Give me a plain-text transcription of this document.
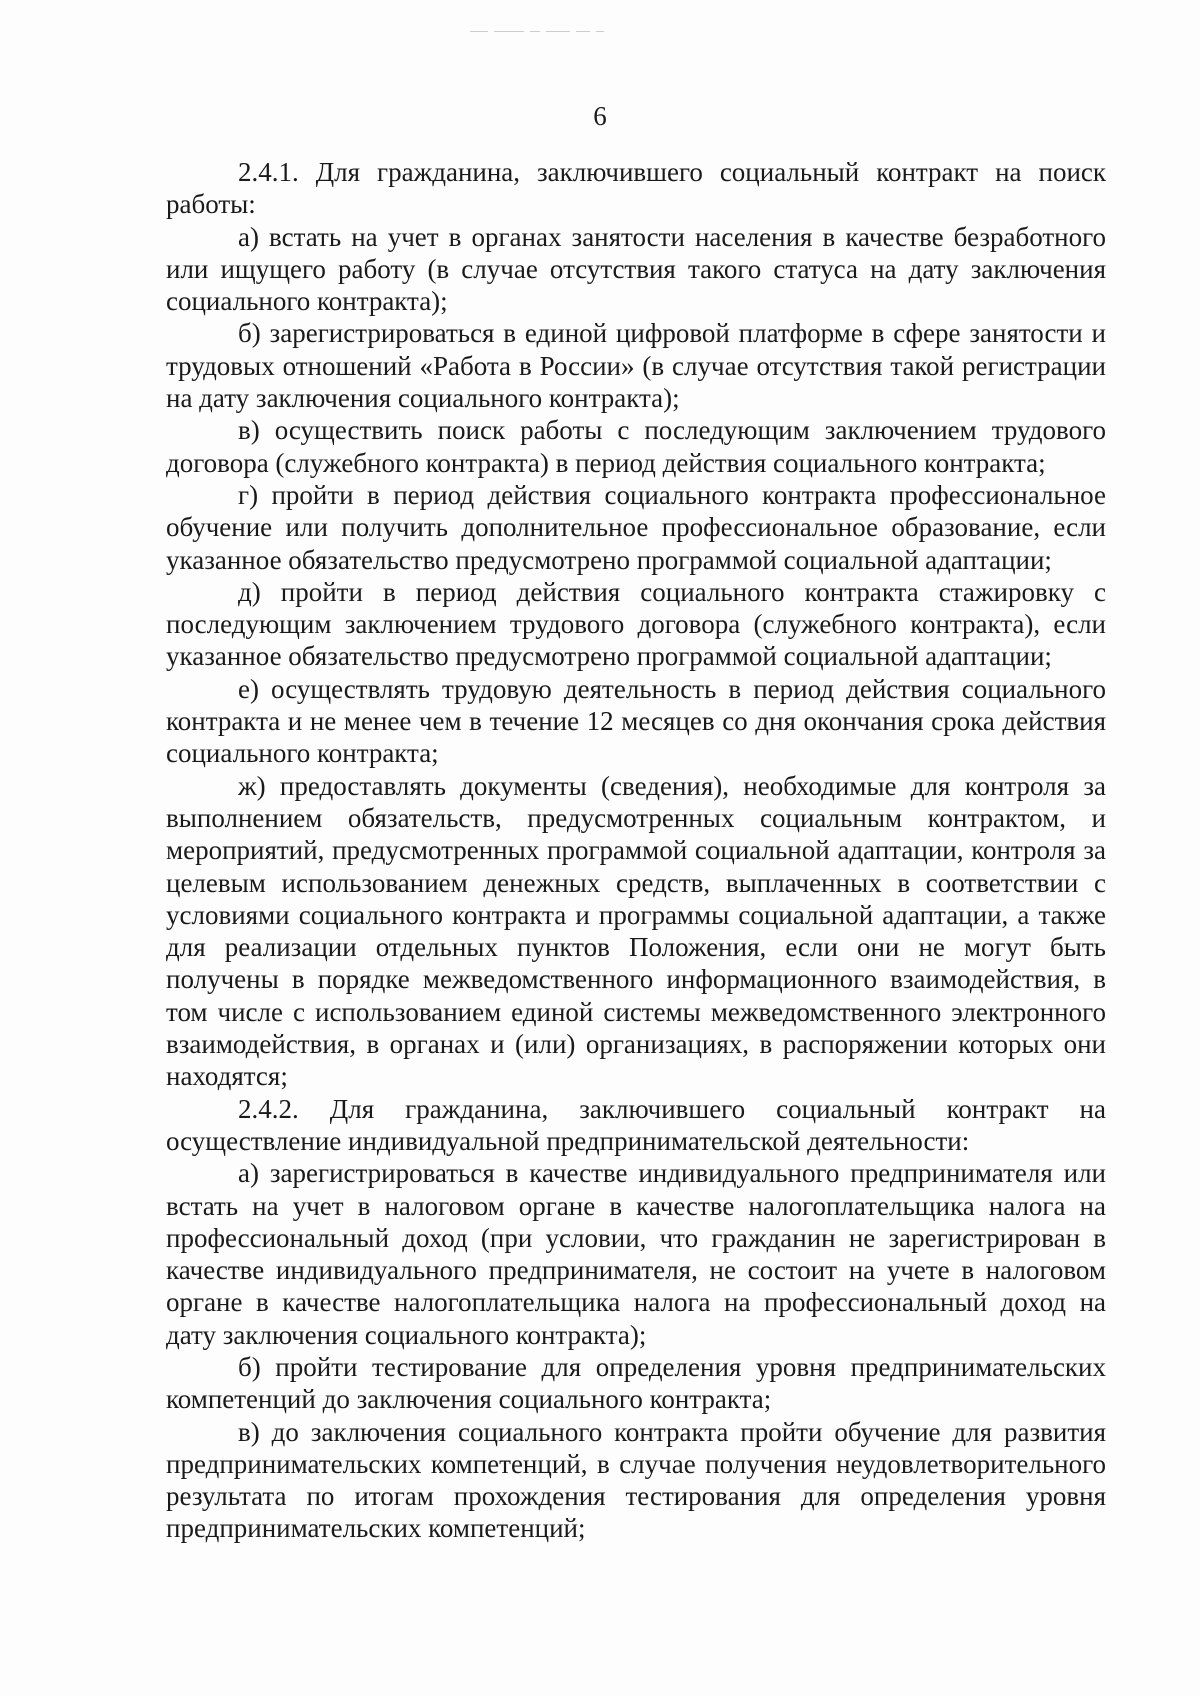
6

2.4.1. Для гражданина, заключившего социальный контракт на поиск работы:

а) встать на учет в органах занятости населения в качестве безработного или ищущего работу (в случае отсутствия такого статуса на дату заключения социального контракта);

б) зарегистрироваться в единой цифровой платформе в сфере занятости и трудовых отношений «Работа в России» (в случае отсутствия такой регистрации на дату заключения социального контракта);

в) осуществить поиск работы с последующим заключением трудового договора (служебного контракта) в период действия социального контракта;

г) пройти в период действия социального контракта профессиональное обучение или получить дополнительное профессиональное образование, если указанное обязательство предусмотрено программой социальной адаптации;

д) пройти в период действия социального контракта стажировку с последующим заключением трудового договора (служебного контракта), если указанное обязательство предусмотрено программой социальной адаптации;

е) осуществлять трудовую деятельность в период действия социального контракта и не менее чем в течение 12 месяцев со дня окончания срока действия социального контракта;

ж) предоставлять документы (сведения), необходимые для контроля за выполнением обязательств, предусмотренных социальным контрактом, и мероприятий, предусмотренных программой социальной адаптации, контроля за целевым использованием денежных средств, выплаченных в соответствии с условиями социального контракта и программы социальной адаптации, а также для реализации отдельных пунктов Положения, если они не могут быть получены в порядке межведомственного информационного взаимодействия, в том числе с использованием единой системы межведомственного электронного взаимодействия, в органах и (или) организациях, в распоряжении которых они находятся;

2.4.2. Для гражданина, заключившего социальный контракт на осуществление индивидуальной предпринимательской деятельности:

а) зарегистрироваться в качестве индивидуального предпринимателя или встать на учет в налоговом органе в качестве налогоплательщика налога на профессиональный доход (при условии, что гражданин не зарегистрирован в качестве индивидуального предпринимателя, не состоит на учете в налоговом органе в качестве налогоплательщика налога на профессиональный доход на дату заключения социального контракта);

б) пройти тестирование для определения уровня предпринимательских компетенций до заключения социального контракта;

в) до заключения социального контракта пройти обучение для развития предпринимательских компетенций, в случае получения неудовлетворительного результата по итогам прохождения тестирования для определения уровня предпринимательских компетенций;
